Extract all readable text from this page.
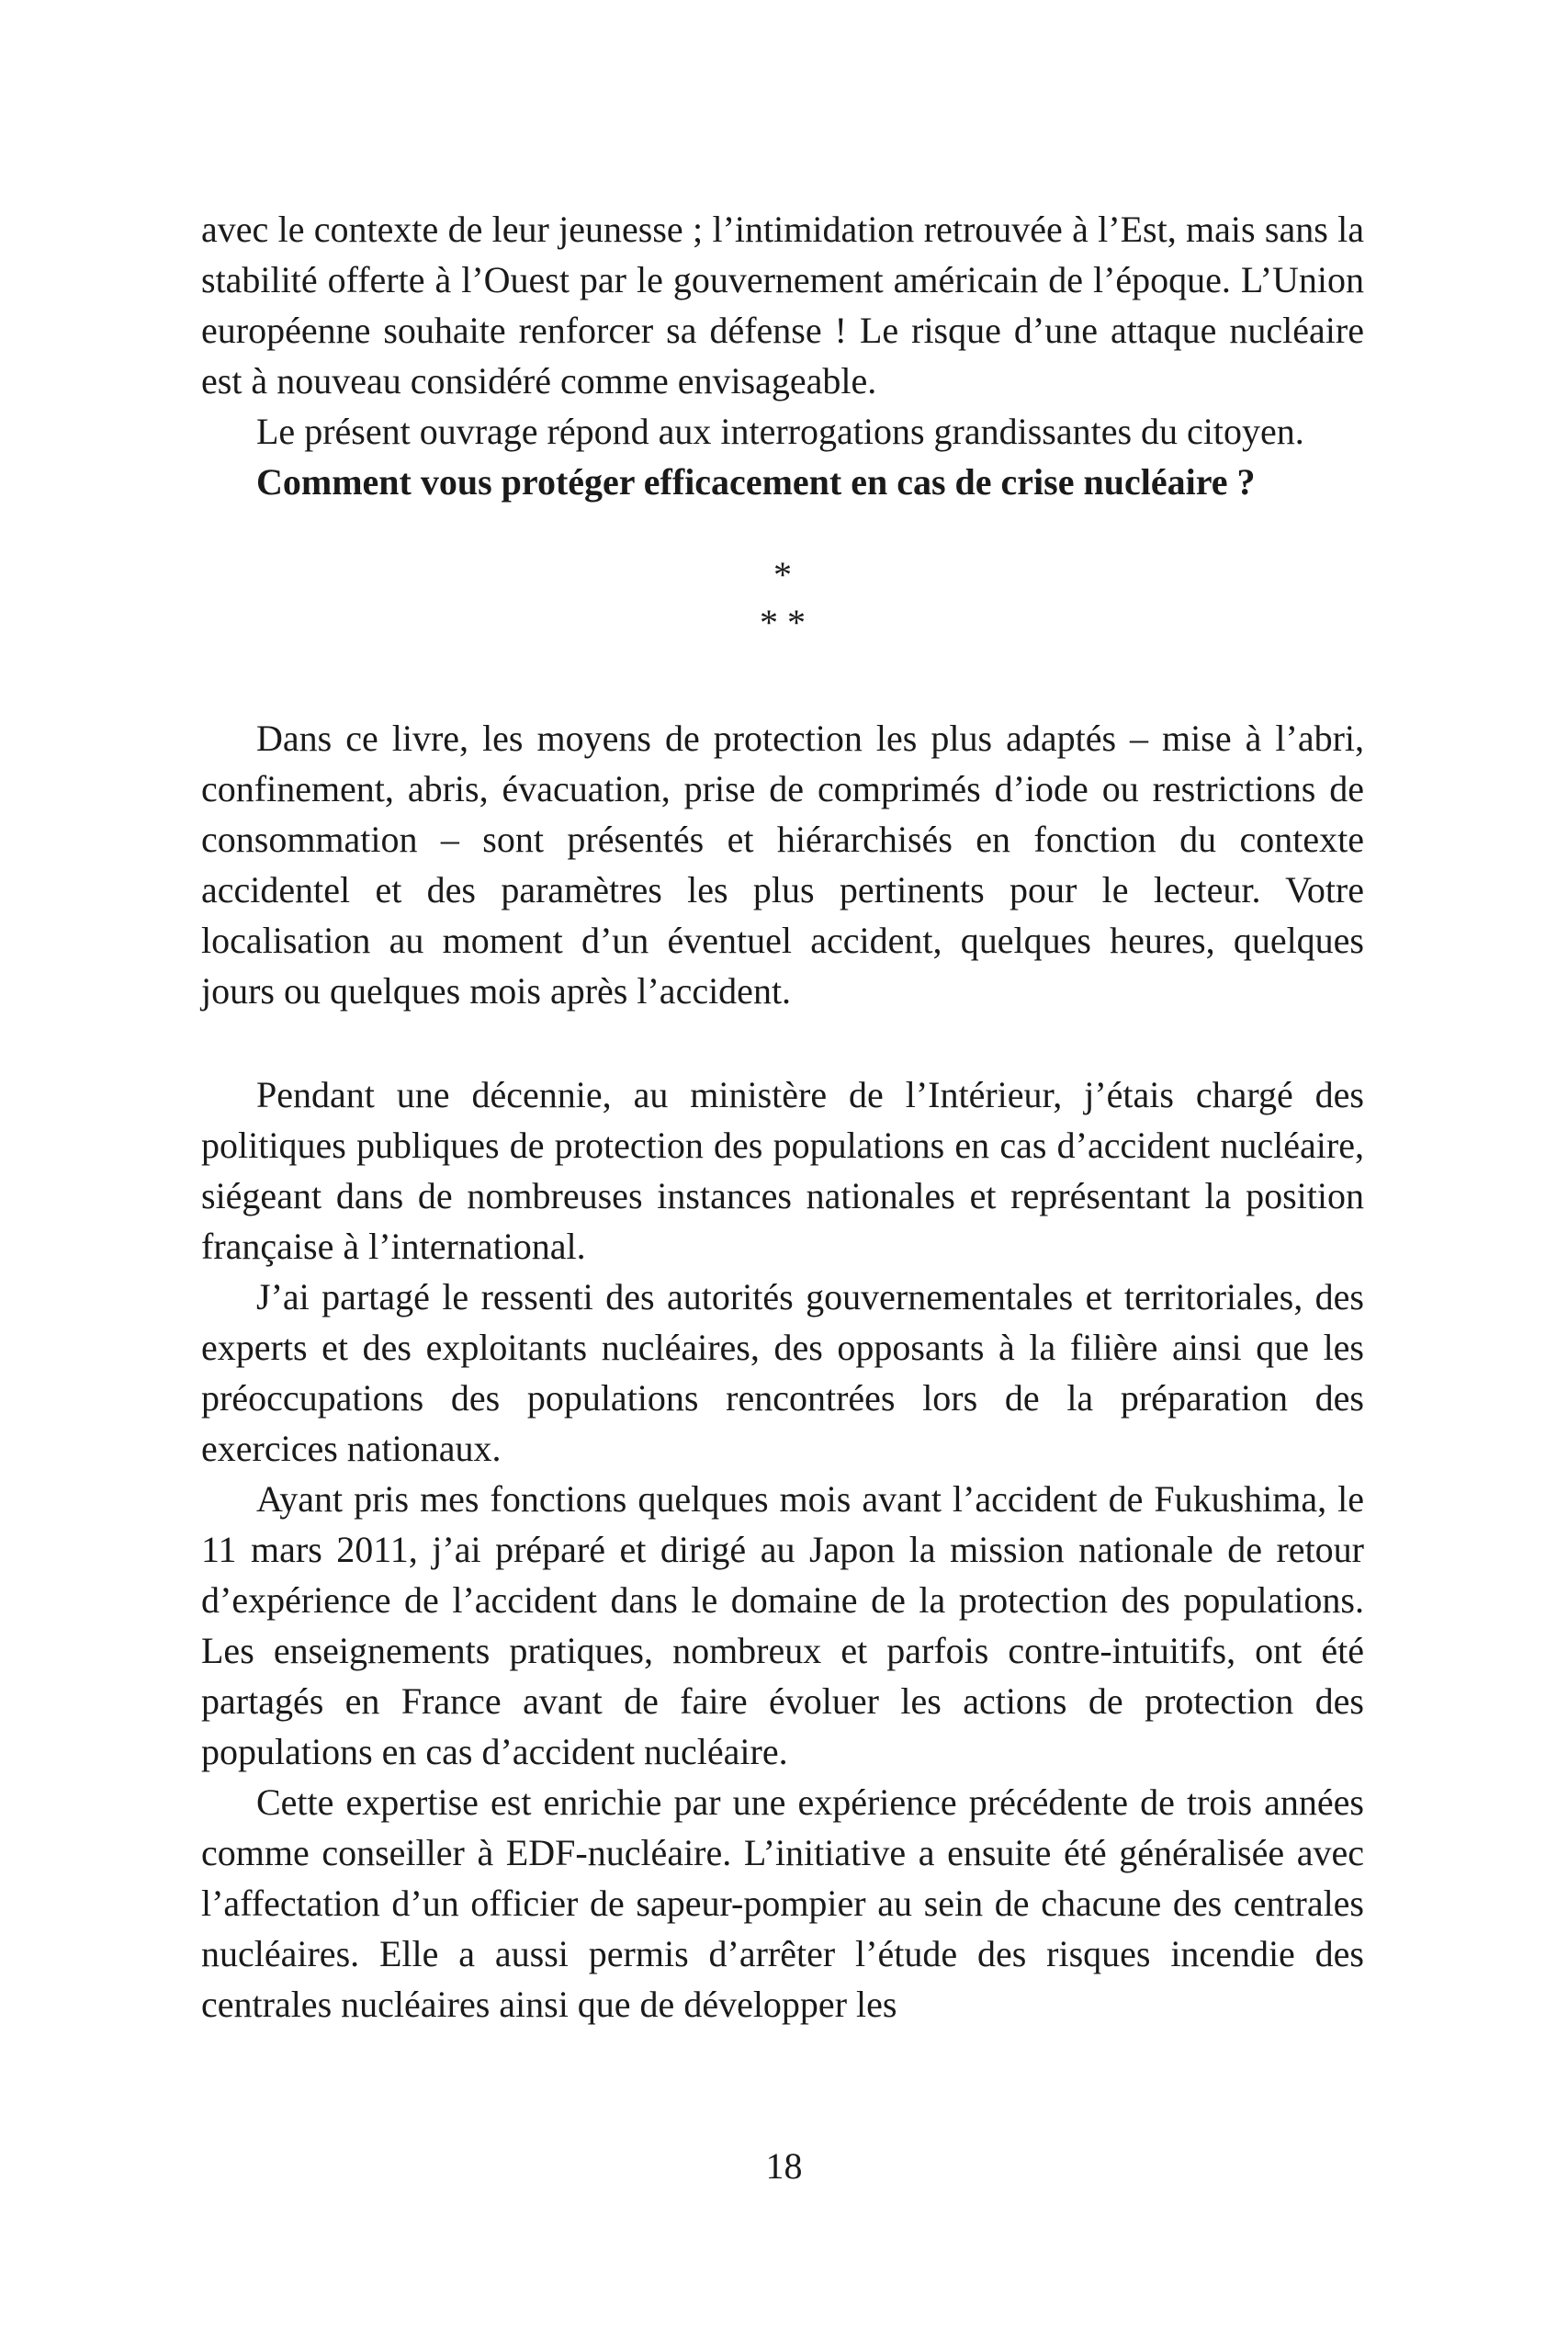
avec le contexte de leur jeunesse ; l’intimidation retrouvée à l’Est, mais sans la stabilité offerte à l’Ouest par le gouvernement américain de l’époque. L’Union européenne souhaite renforcer sa défense ! Le risque d’une attaque nucléaire est à nouveau considéré comme envisageable.

Le présent ouvrage répond aux interrogations grandissantes du citoyen.

Comment vous protéger efficacement en cas de crise nucléaire ?

*
* *

Dans ce livre, les moyens de protection les plus adaptés – mise à l’abri, confinement, abris, évacuation, prise de comprimés d’iode ou restrictions de consommation – sont présentés et hiérarchisés en fonction du contexte accidentel et des paramètres les plus pertinents pour le lecteur. Votre localisation au moment d’un éventuel accident, quelques heures, quelques jours ou quelques mois après l’accident.

Pendant une décennie, au ministère de l’Intérieur, j’étais chargé des politiques publiques de protection des populations en cas d’accident nucléaire, siégeant dans de nombreuses instances nationales et représentant la position française à l’international.

J’ai partagé le ressenti des autorités gouvernementales et territoriales, des experts et des exploitants nucléaires, des opposants à la filière ainsi que les préoccupations des populations rencontrées lors de la préparation des exercices nationaux.

Ayant pris mes fonctions quelques mois avant l’accident de Fukushima, le 11 mars 2011, j’ai préparé et dirigé au Japon la mission nationale de retour d’expérience de l’accident dans le domaine de la protection des populations. Les enseignements pratiques, nombreux et parfois contre-intuitifs, ont été partagés en France avant de faire évoluer les actions de protection des populations en cas d’accident nucléaire.

Cette expertise est enrichie par une expérience précédente de trois années comme conseiller à EDF-nucléaire. L’initiative a ensuite été généralisée avec l’affectation d’un officier de sapeur-pompier au sein de chacune des centrales nucléaires. Elle a aussi permis d’arrêter l’étude des risques incendie des centrales nucléaires ainsi que de développer les

18
